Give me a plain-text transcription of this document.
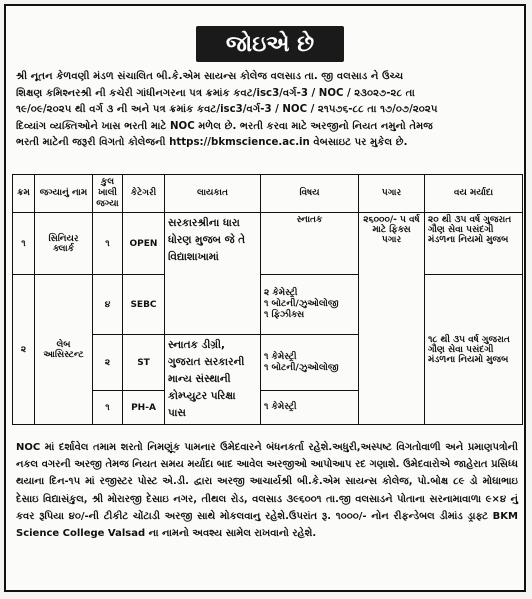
જોઇએ છે
શ્રી નૂતન કેળવણી મંડળ સંચાલિત બી.કે.એમ સાયન્સ કોલેજ વલસાડ તા. જી વલસાડ ને ઉચ્ચ
શિક્ષણ કમિશ્નરશ્રી ની કચેરી ગાંધીનગરના પત્ર ક્રમાંક કવટ/isc3/વર્ગ-3 / NOC / ૨૩૦૨૭-૨૮ તા
૧૯/૦૯/૨૦૨૫ થી વર્ગ ૩ ની અને પત્ર ક્રમાંક કવટ/isc3/વર્ગ-3 / NOC / ૨૧૫૭૬-૮૮ તા ૧૭/૦૭/૨૦૨૫
દિવ્યાંગ વ્યક્તિઓને ખાસ ભરતી માટે NOC મળેલ છે. ભરતી કરવા માટે અરજીનો નિયત નમુનો તેમજ
ભરતી માટેની જરૂરી વિગતો કોલેજની https://bkmscience.ac.in વેબસાઇટ પર મુકેલ છે.
ક્રમ	જગ્યાનું નામ	કુલ ખાલી જગ્યા	કેટેગરી	લાયકાત	વિષય	પગાર	વય મર્યાદા
૧	સિનિયર ક્લાર્ક	૧	OPEN	સરકારશ્રીના ધારા ધોરણ મુજબ જે તે વિદ્યાશાખામાં	સ્નાતક	૨૬૦૦૦/- ૫ વર્ષ માટે ફિક્સ પગાર	૨૦ થી ૩૫ વર્ષ ગુજરાત ગૌણ સેવા પસંદગી મંડળના નિયમો મુજબ
૨	લેબ આસિસ્ટન્ટ	૪	SEBC		૨ કેમેસ્ટ્રી
૧ બોટની/ઝુઓલોજી
૧ ફિઝીક્સ		૧૮ થી ૩૫ વર્ષ ગુજરાત ગૌણ સેવા પસંદગી મંડળના નિયમો મુજબ
		૨	ST	સ્નાતક ડીગ્રી, ગુજરાત સરકારની માન્ય સંસ્થાની કોમ્પ્યુટર પરિક્ષા પાસ	૧ કેમેસ્ટ્રી
૧ બોટની/ઝુઓલોજી		
		૧	PH-A		૧ કેમેસ્ટ્રી		
NOC માં દર્શાવેલ તમામ શરતો નિમણૂંક પામનાર ઉમેદવારને બંધનકર્તા રહેશે.અધુરી,અસ્પષ્ટ વિગતોવાળી અને પ્રમાણપત્રોની નકલ વગરની અરજી તેમજ નિયત સમય મર્યાદા બાદ આવેલ અરજીઓ આપોઆપ રદ ગણાશે. ઉમેદવારોએ જાહેરાત પ્રસિધ્ધ થયાના દિન-૧૫ માં રજીસ્ટર પોસ્ટ એ.ડી. દ્વારા અરજી આચાર્યશ્રી બી.કે.એમ સાયન્સ કોલેજ, પો.બોક્ષ ૮૯ ડો મોઘાભાઇ દેસાઇ વિદ્યાસંકુલ, શ્રી મોરારજી દેસાઇ નગર, તીથલ રોડ, વલસાડ ૩૯૬૦૦૧ તા.જી વલસાડને પોતાના સરનામાવાળા ૯×૪ નું કવર રૂપિયા ૪૦/-ની ટીકીટ ચોંટાડી અરજી સાથે મોકલવાનુ રહેશે.ઉપરાંત રૂ. ૧૦૦૦/- નોન રીફન્ડેબલ ડીમાંડ ડ્રાફ્ટ BKM Science College Valsad ના નામનો અવશ્ય સામેલ રાખવાનો રહેશે.
